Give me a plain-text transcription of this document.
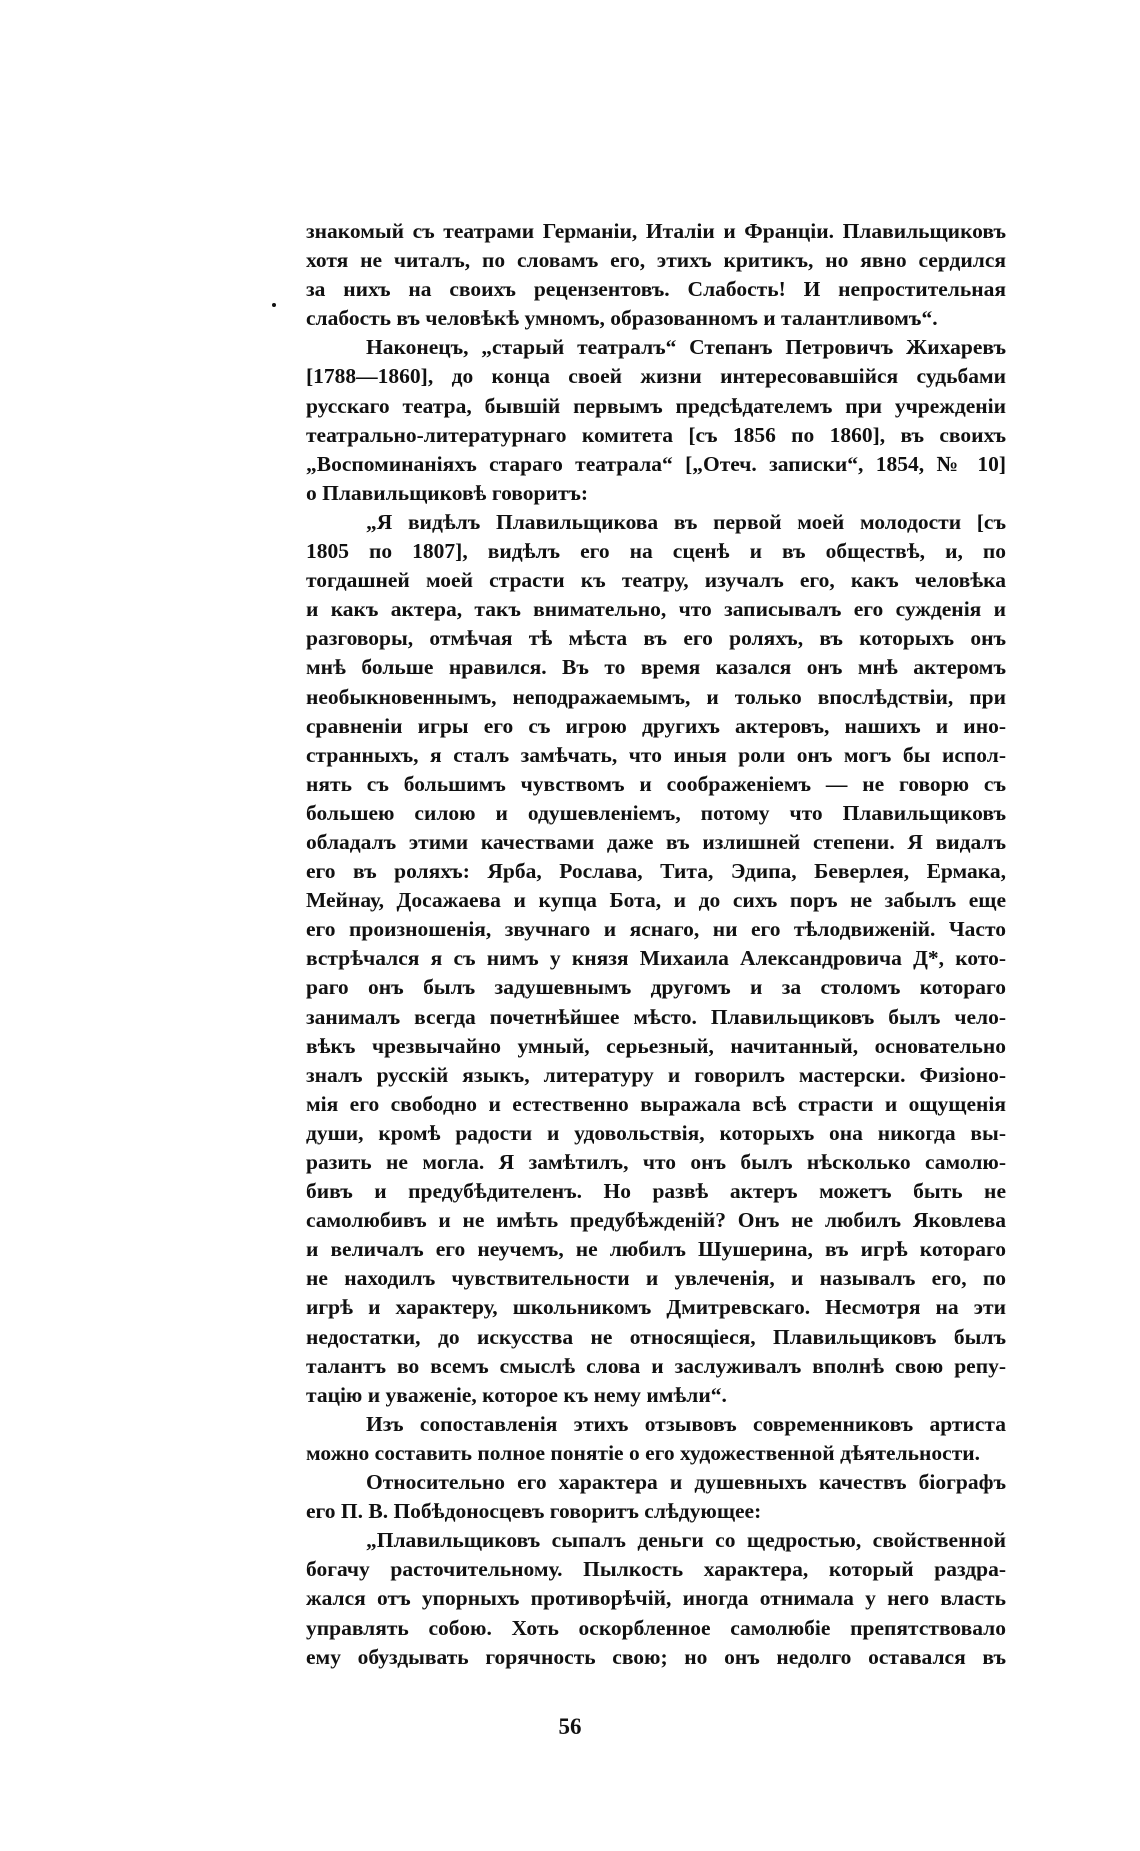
знакомый съ театрами Германіи, Италіи и Франціи. Плавильщиковъ

хотя не читалъ, по словамъ его, этихъ критикъ, но явно сердился

за нихъ на своихъ рецензентовъ. Слабость! И непростительная

слабость въ человѣкѣ умномъ, образованномъ и талантливомъ“.

Наконецъ, „старый театралъ“ Степанъ Петровичъ Жихаревъ

[1788—1860], до конца своей жизни интересовавшійся судьбами

русскаго театра, бывшій первымъ предсѣдателемъ при учрежденіи

театрально-литературнаго комитета [съ 1856 по 1860], въ своихъ

„Воспоминаніяхъ стараго театрала“ [„Отеч. записки“, 1854, № 10]

о Плавильщиковѣ говоритъ:

„Я видѣлъ Плавильщикова въ первой моей молодости [съ

1805 по 1807], видѣлъ его на сценѣ и въ обществѣ, и, по

тогдашней моей страсти къ театру, изучалъ его, какъ человѣка

и какъ актера, такъ внимательно, что записывалъ его сужденія и

разговоры, отмѣчая тѣ мѣста въ его роляхъ, въ которыхъ онъ

мнѣ больше нравился. Въ то время казался онъ мнѣ актеромъ

необыкновеннымъ, неподражаемымъ, и только впослѣдствіи, при

сравненіи игры его съ игрою другихъ актеровъ, нашихъ и ино-

странныхъ, я сталъ замѣчать, что иныя роли онъ могъ бы испол-

нять съ большимъ чувствомъ и соображеніемъ — не говорю съ

большею силою и одушевленіемъ, потому что Плавильщиковъ

обладалъ этими качествами даже въ излишней степени. Я видалъ

его въ роляхъ: Ярба, Рослава, Тита, Эдипа, Беверлея, Ермака,

Мейнау, Досажаева и купца Бота, и до сихъ поръ не забылъ еще

его произношенія, звучнаго и яснаго, ни его тѣлодвиженій. Часто

встрѣчался я съ нимъ у князя Михаила Александровича Д*, кото-

раго онъ былъ задушевнымъ другомъ и за столомъ котораго

занималъ всегда почетнѣйшее мѣсто. Плавильщиковъ былъ чело-

вѣкъ чрезвычайно умный, серьезный, начитанный, основательно

зналъ русскій языкъ, литературу и говорилъ мастерски. Физіоно-

мія его свободно и естественно выражала всѣ страсти и ощущенія

души, кромѣ радости и удовольствія, которыхъ она никогда вы-

разить не могла. Я замѣтилъ, что онъ былъ нѣсколько самолю-

бивъ и предубѣдителенъ. Но развѣ актеръ можетъ быть не

самолюбивъ и не имѣть предубѣжденій? Онъ не любилъ Яковлева

и величалъ его неучемъ, не любилъ Шушерина, въ игрѣ котораго

не находилъ чувствительности и увлеченія, и называлъ его, по

игрѣ и характеру, школьникомъ Дмитревскаго. Несмотря на эти

недостатки, до искусства не относящіеся, Плавильщиковъ былъ

талантъ во всемъ смыслѣ слова и заслуживалъ вполнѣ свою репу-

тацію и уваженіе, которое къ нему имѣли“.

Изъ сопоставленія этихъ отзывовъ современниковъ артиста

можно составить полное понятіе о его художественной дѣятельности.

Относительно его характера и душевныхъ качествъ біографъ

его П. В. Побѣдоносцевъ говоритъ слѣдующее:

„Плавильщиковъ сыпалъ деньги со щедростью, свойственной

богачу расточительному. Пылкость характера, который раздра-

жался отъ упорныхъ противорѣчій, иногда отнимала у него власть

управлять собою. Хоть оскорбленное самолюбіе препятствовало

ему обуздывать горячность свою; но онъ недолго оставался въ

56
